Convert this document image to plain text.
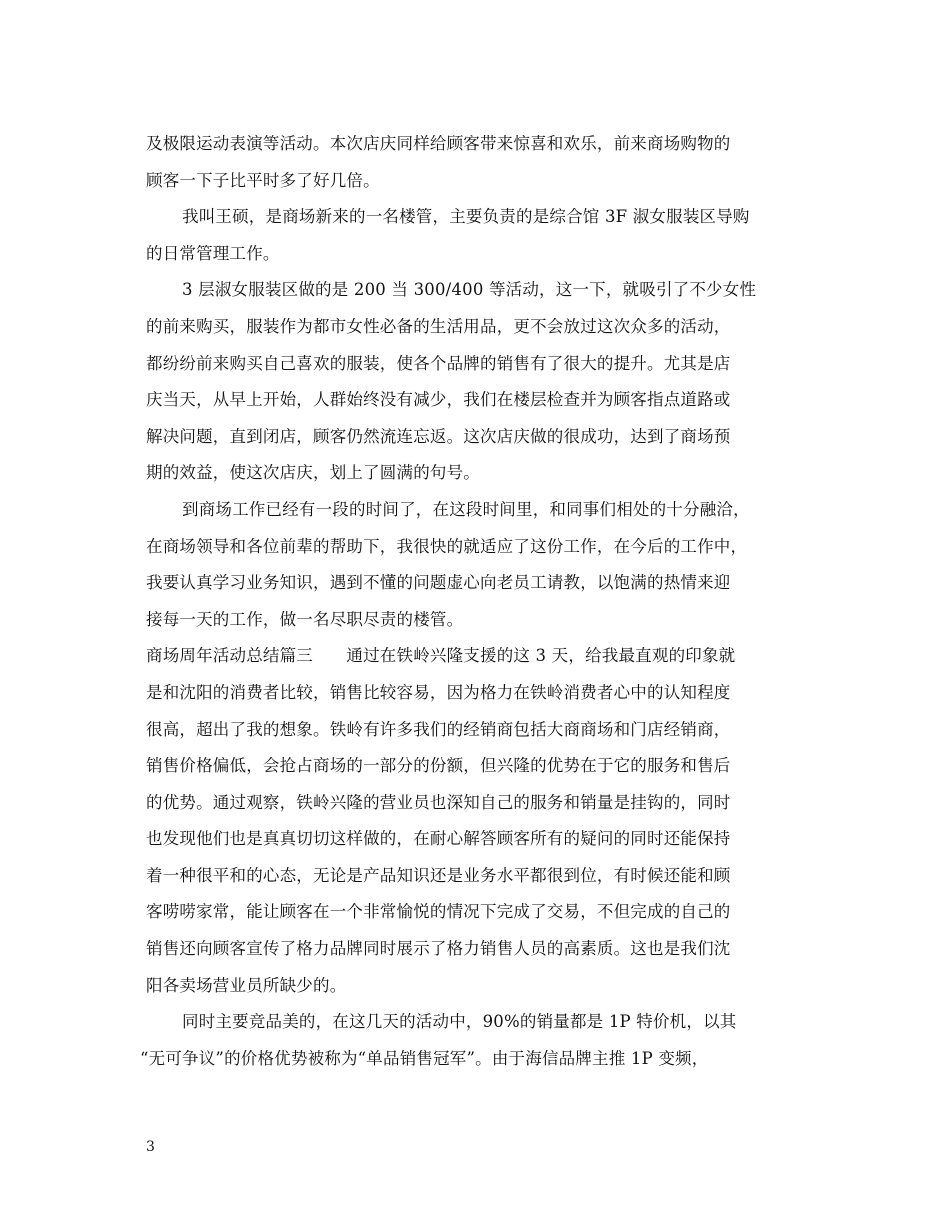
及极限运动表演等活动。本次店庆同样给顾客带来惊喜和欢乐，前来商场购物的
顾客一下子比平时多了好几倍。
我叫王硕，是商场新来的一名楼管，主要负责的是综合馆 3F 淑女服装区导购
的日常管理工作。
3 层淑女服装区做的是 200 当 300/400 等活动，这一下，就吸引了不少女性
的前来购买，服装作为都市女性必备的生活用品，更不会放过这次众多的活动，
都纷纷前来购买自己喜欢的服装，使各个品牌的销售有了很大的提升。尤其是店
庆当天，从早上开始，人群始终没有减少，我们在楼层检查并为顾客指点道路或
解决问题，直到闭店，顾客仍然流连忘返。这次店庆做的很成功，达到了商场预
期的效益，使这次店庆，划上了圆满的句号。
到商场工作已经有一段的时间了，在这段时间里，和同事们相处的十分融洽，
在商场领导和各位前辈的帮助下，我很快的就适应了这份工作，在今后的工作中，
我要认真学习业务知识，遇到不懂的问题虚心向老员工请教，以饱满的热情来迎
接每一天的工作，做一名尽职尽责的楼管。
商场周年活动总结篇三　　通过在铁岭兴隆支援的这 3 天，给我最直观的印象就
是和沈阳的消费者比较，销售比较容易，因为格力在铁岭消费者心中的认知程度
很高，超出了我的想象。铁岭有许多我们的经销商包括大商商场和门店经销商，
销售价格偏低，会抢占商场的一部分的份额，但兴隆的优势在于它的服务和售后
的优势。通过观察，铁岭兴隆的营业员也深知自己的服务和销量是挂钩的，同时
也发现他们也是真真切切这样做的，在耐心解答顾客所有的疑问的同时还能保持
着一种很平和的心态，无论是产品知识还是业务水平都很到位，有时候还能和顾
客唠唠家常，能让顾客在一个非常愉悦的情况下完成了交易，不但完成的自己的
销售还向顾客宣传了格力品牌同时展示了格力销售人员的高素质。这也是我们沈
阳各卖场营业员所缺少的。
同时主要竞品美的，在这几天的活动中，90%的销量都是 1P 特价机，以其
“无可争议”的价格优势被称为“单品销售冠军”。由于海信品牌主推 1P 变频，
3
